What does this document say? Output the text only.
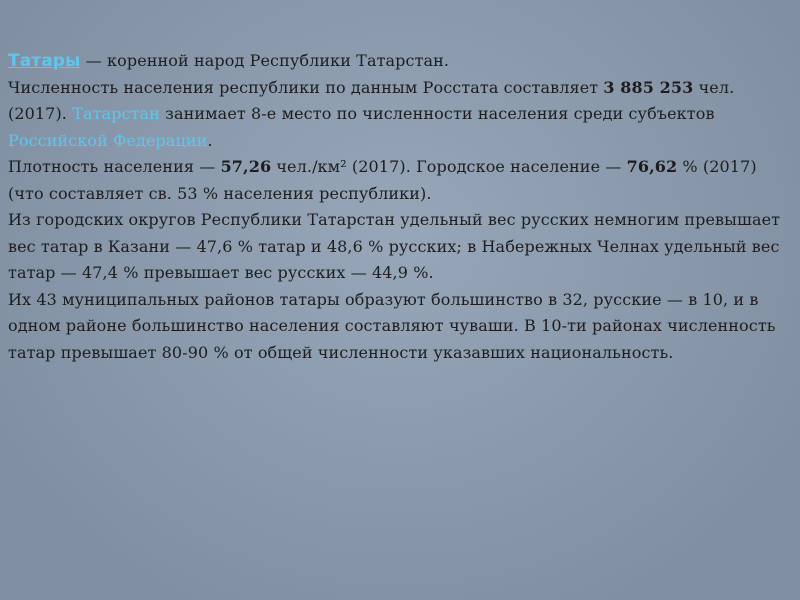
Татары — коренной народ Республики Татарстан.
Численность населения республики по данным Росстата составляет 3 885 253 чел. (2017). Татарстан занимает 8-е место по численности населения среди субъектов Российской Федерации.
Плотность населения — 57,26 чел./км² (2017). Городское население — 76,62 % (2017) (что составляет св. 53 % населения республики).

Из городских округов Республики Татарстан удельный вес русских немногим превышает вес татар в Казани — 47,6 % татар и 48,6 % русских; в Набережных Челнах удельный вес татар — 47,4 % превышает вес русских — 44,9 %.

Их 43 муниципальных районов татары образуют большинство в 32, русские — в 10, и в одном районе большинство населения составляют чуваши. В 10-ти районах численность татар превышает 80-90 % от общей численности указавших национальность.
